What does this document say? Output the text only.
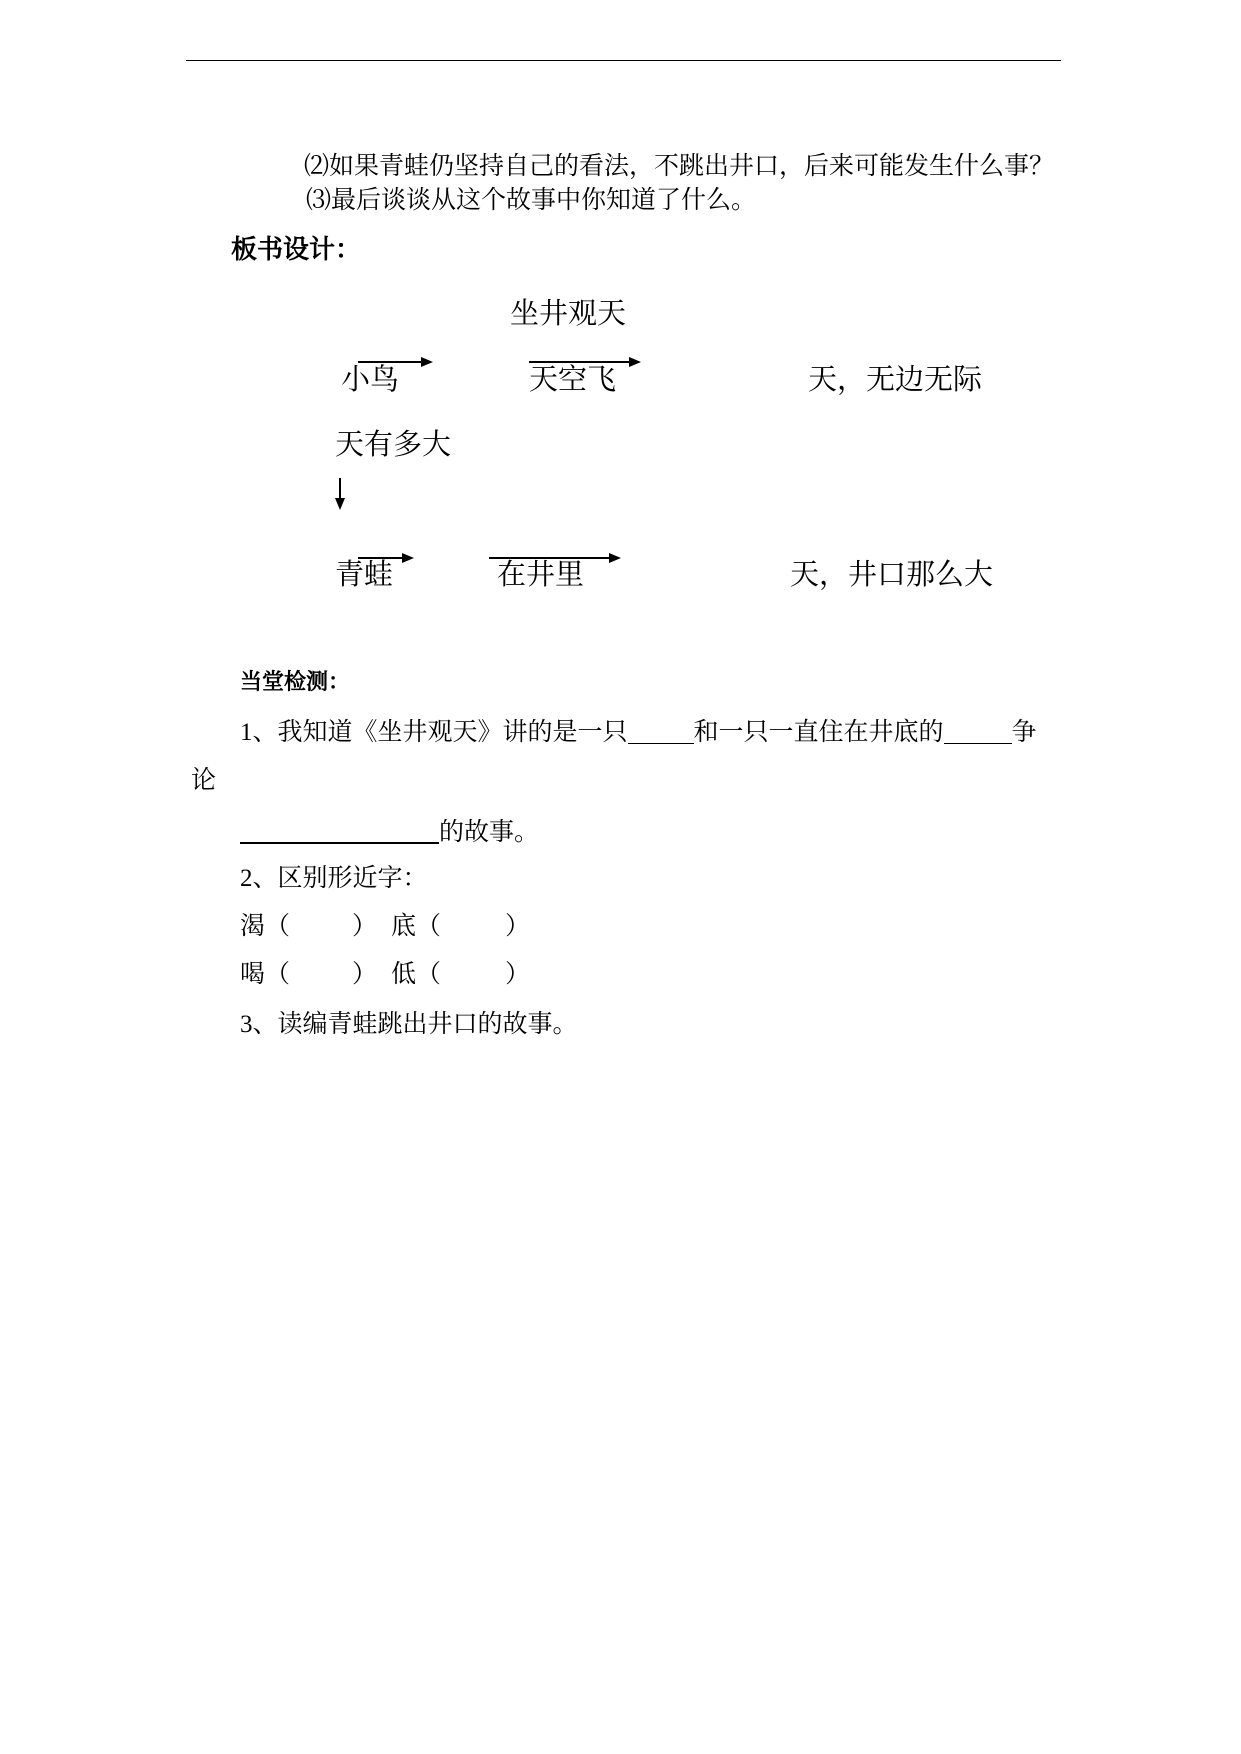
⑵如果青蛙仍坚持自己的看法，不跳出井口，后来可能发生什么事？
⑶最后谈谈从这个故事中你知道了什么。
板书设计：
坐井观天
小鸟	天空飞	天，无边无际
天有多大
青蛙	在井里	天，井口那么大
当堂检测：
1、我知道《坐井观天》讲的是一只	和一只一直住在井底的	争
论
的故事。
2、区别形近字：
渴（ ） 底（	）
喝（ ） 低（	）
3、读编青蛙跳出井口的故事。
